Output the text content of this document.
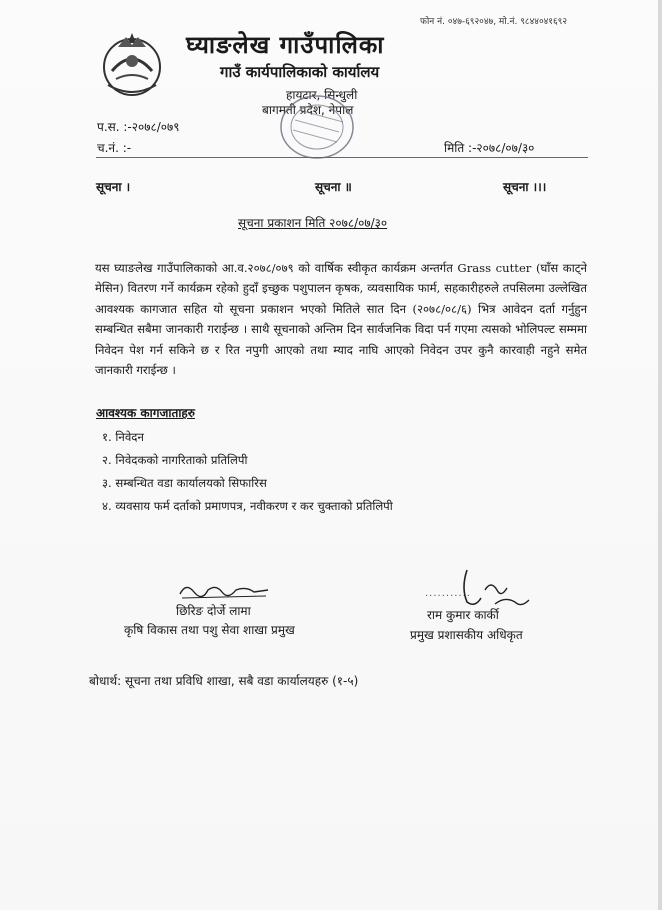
फोन नं. ०४७-६९२०४७, मो.नं. ९८४४०४१६९२
घ्याङलेख गाउँपालिका
गाउँ कार्यपालिकाको कार्यालय
हायटार, सिन्धुली
बागमती प्रदेश, नेपाल
प.स. :-२०७८/०७९
च.नं. :-	मिति :-२०७८/०७/३०
सूचना ।	सूचना ॥	सूचना ।।।
सूचना प्रकाशन मिति २०७८/०७/३०

यस घ्याङलेख गाउँपालिकाको आ.व.२०७८/०७९ को वार्षिक स्वीकृत कार्यक्रम अन्तर्गत Grass cutter (घाँस काट्ने मेसिन) वितरण गर्ने कार्यक्रम रहेको हुदाँ इच्छुक पशुपालन कृषक, व्यवसायिक फार्म, सहकारीहरुले तपसिलमा उल्लेखित आवश्यक कागजात सहित यो सूचना प्रकाशन भएको मितिले सात दिन (२०७८/०८/६) भित्र आवेदन दर्ता गर्नुहुन सम्बन्धित सबैमा जानकारी गराईन्छ । साथै सूचनाको अन्तिम दिन सार्वजनिक विदा पर्न गएमा त्यसको भोलिपल्ट सम्ममा निवेदन पेश गर्न सकिने छ र रित नपुगी आएको तथा म्याद नाघि आएको निवेदन उपर कुनै कारवाही नहुने समेत जानकारी गराईन्छ ।

आवश्यक कागजाताहरु
१. निवेदन
२. निवेदकको नागरिताको प्रतिलिपी
३. सम्बन्धित वडा कार्यालयको सिफारिस
४. व्यवसाय फर्म दर्ताको प्रमाणपत्र, नवीकरण र कर चुक्ताको प्रतिलिपी
छिरिङ दोर्जे लामा
कृषि विकास तथा पशु सेवा शाखा प्रमुख
...........
राम कुमार कार्की
प्रमुख प्रशासकीय अधिकृत
बोधार्थ: सूचना तथा प्रविधि शाखा, सबै वडा कार्यालयहरु (१-५)
